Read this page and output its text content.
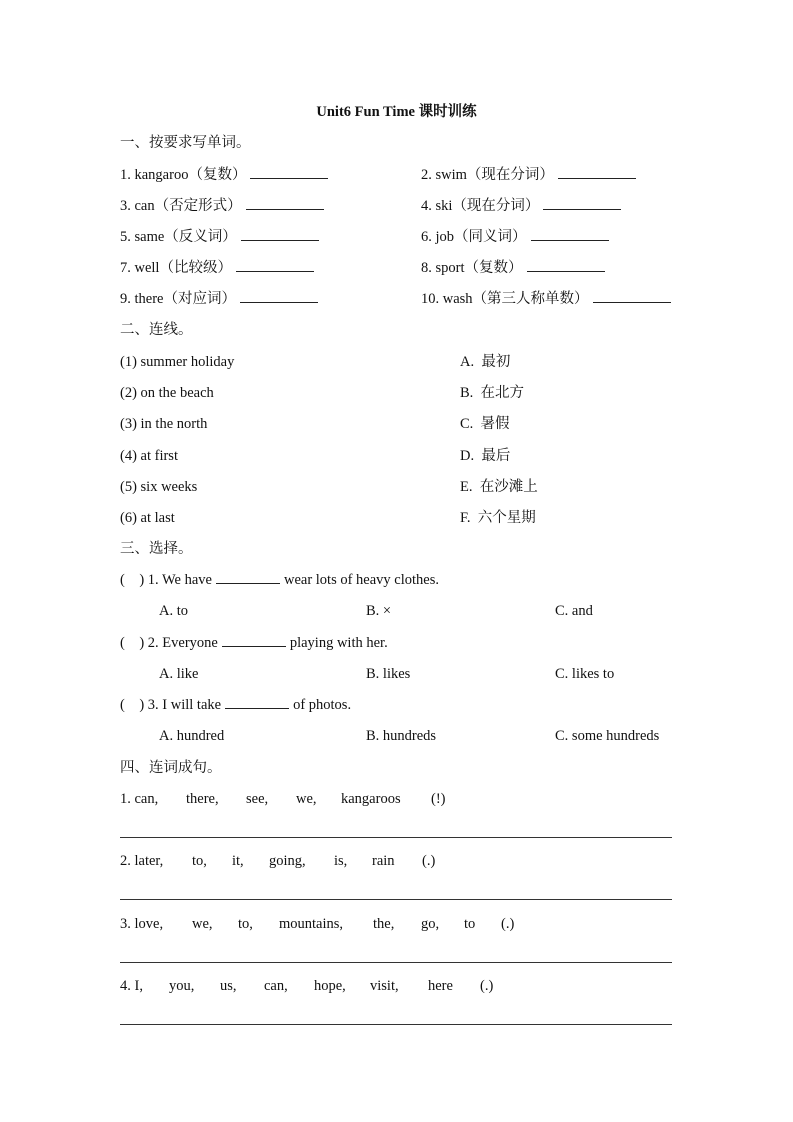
Unit6 Fun Time 课时训练
一、按要求写单词。
1. kangaroo（复数）	2. swim（现在分词）
3. can（否定形式）	4. ski（现在分词）
5. same（反义词）	6. job（同义词）
7. well（比较级）	8. sport（复数）
9. there（对应词）	10. wash（第三人称单数）
二、连线。
(1) summer holiday	A.  最初
(2) on the beach	B.  在北方
(3) in the north	C.  暑假
(4) at first	D.  最后
(5) six weeks	E.  在沙滩上
(6) at last	F.  六个星期
三、选择。
(    ) 1. We have	wear lots of heavy clothes.
A. to	B. ×	C. and
(    ) 2. Everyone	playing with her.
A. like	B. likes	C. likes to
(    ) 3. I will take	of photos.
A. hundred	B. hundreds	C. some hundreds
四、连词成句。
1. can, there, see, we, kangaroos (!)
2. later, to, it, going, is, rain (.)
3. love, we, to, mountains, the, go, to (.)
4. I, you, us, can, hope, visit, here (.)
